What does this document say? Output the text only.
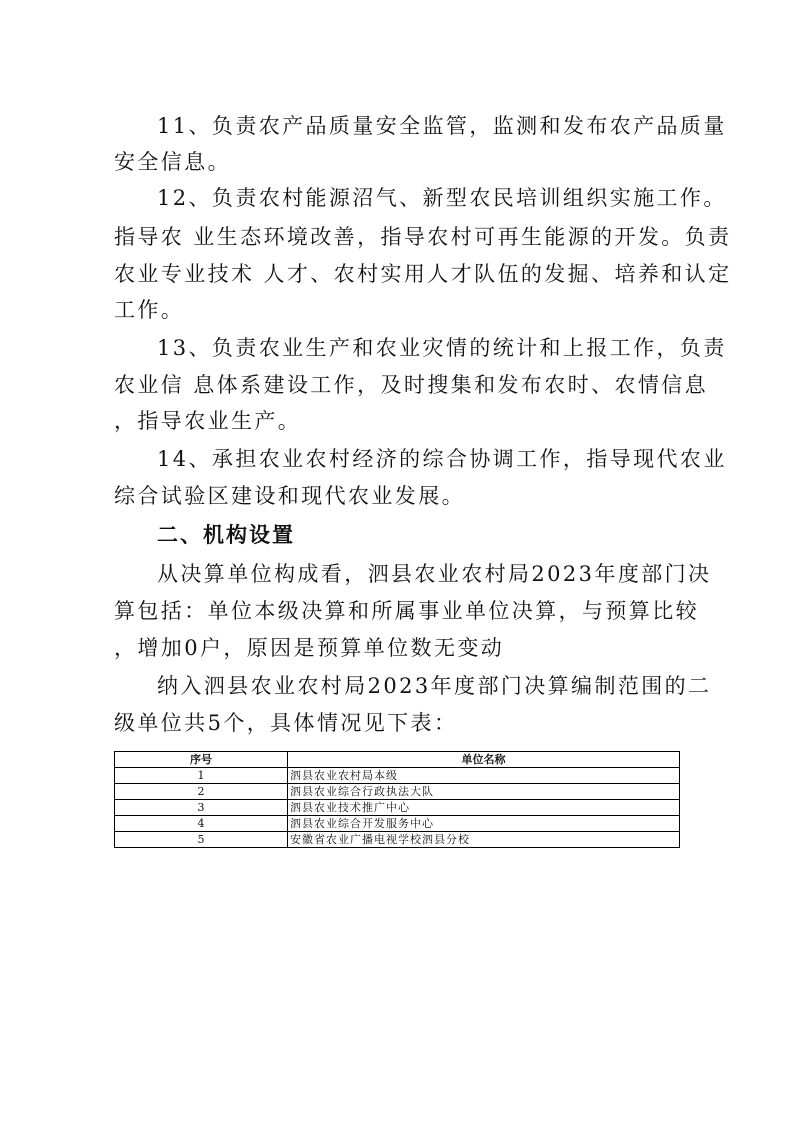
11、负责农产品质量安全监管，监测和发布农产品质量

安全信息。

12、负责农村能源沼气、新型农民培训组织实施工作。

指导农 业生态环境改善，指导农村可再生能源的开发。负责

农业专业技术 人才、农村实用人才队伍的发掘、培养和认定

工作。

13、负责农业生产和农业灾情的统计和上报工作，负责

农业信 息体系建设工作，及时搜集和发布农时、农情信息

，指导农业生产。

14、承担农业农村经济的综合协调工作，指导现代农业

综合试验区建设和现代农业发展。

二、机构设置

从决算单位构成看，泗县农业农村局2023年度部门决

算包括：单位本级决算和所属事业单位决算，与预算比较

，增加0户，原因是预算单位数无变动

纳入泗县农业农村局2023年度部门决算编制范围的二

级单位共5个，具体情况见下表：

序号	单位名称
1	泗县农业农村局本级
2	泗县农业综合行政执法大队
3	泗县农业技术推广中心
4	泗县农业综合开发服务中心
5	安徽省农业广播电视学校泗县分校
